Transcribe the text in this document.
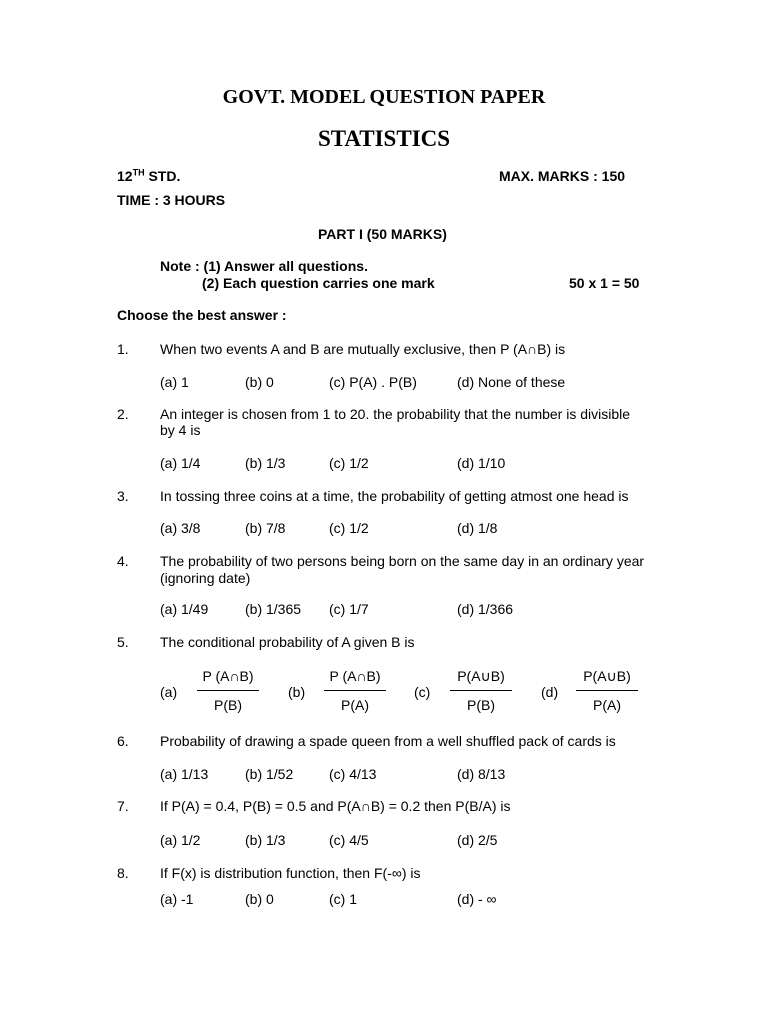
GOVT. MODEL QUESTION PAPER
STATISTICS
12TH STD.	MAX. MARKS : 150
TIME : 3 HOURS
PART I (50 MARKS)
Note : (1) Answer all questions.
(2) Each question carries one mark	50 x 1 = 50
Choose the best answer :
1. When two events A and B are mutually exclusive, then P (A∩B) is
(a) 1	(b) 0	(c) P(A) . P(B)	(d) None of these
2. An integer is chosen from 1 to 20. the probability that the number is divisible
by 4 is
(a) 1/4	(b) 1/3	(c) 1/2	(d) 1/10
3. In tossing three coins at a time, the probability of getting atmost one head is
(a) 3/8	(b) 7/8	(c) 1/2	(d) 1/8
4. The probability of two persons being born on the same day in an ordinary year
(ignoring date)
(a) 1/49	(b) 1/365 (c) 1/7	(d) 1/366
5. The conditional probability of A given B is
(a)
P (A∩B)
P(B)
(b)
P (A∩B)
P(A)
(c)
P(A∪B)
P(B)
(d)
P(A∪B)
P(A)
6. Probability of drawing a spade queen from a well shuffled pack of cards is
(a) 1/13	(b) 1/52	(c) 4/13	(d) 8/13
7. If P(A) = 0.4, P(B) = 0.5 and P(A∩B) = 0.2 then P(B/A) is
(a) 1/2	(b) 1/3	(c) 4/5	(d) 2/5
8. If F(x) is distribution function, then F(-∞) is
(a) -1	(b) 0	(c) 1	(d) - ∞
